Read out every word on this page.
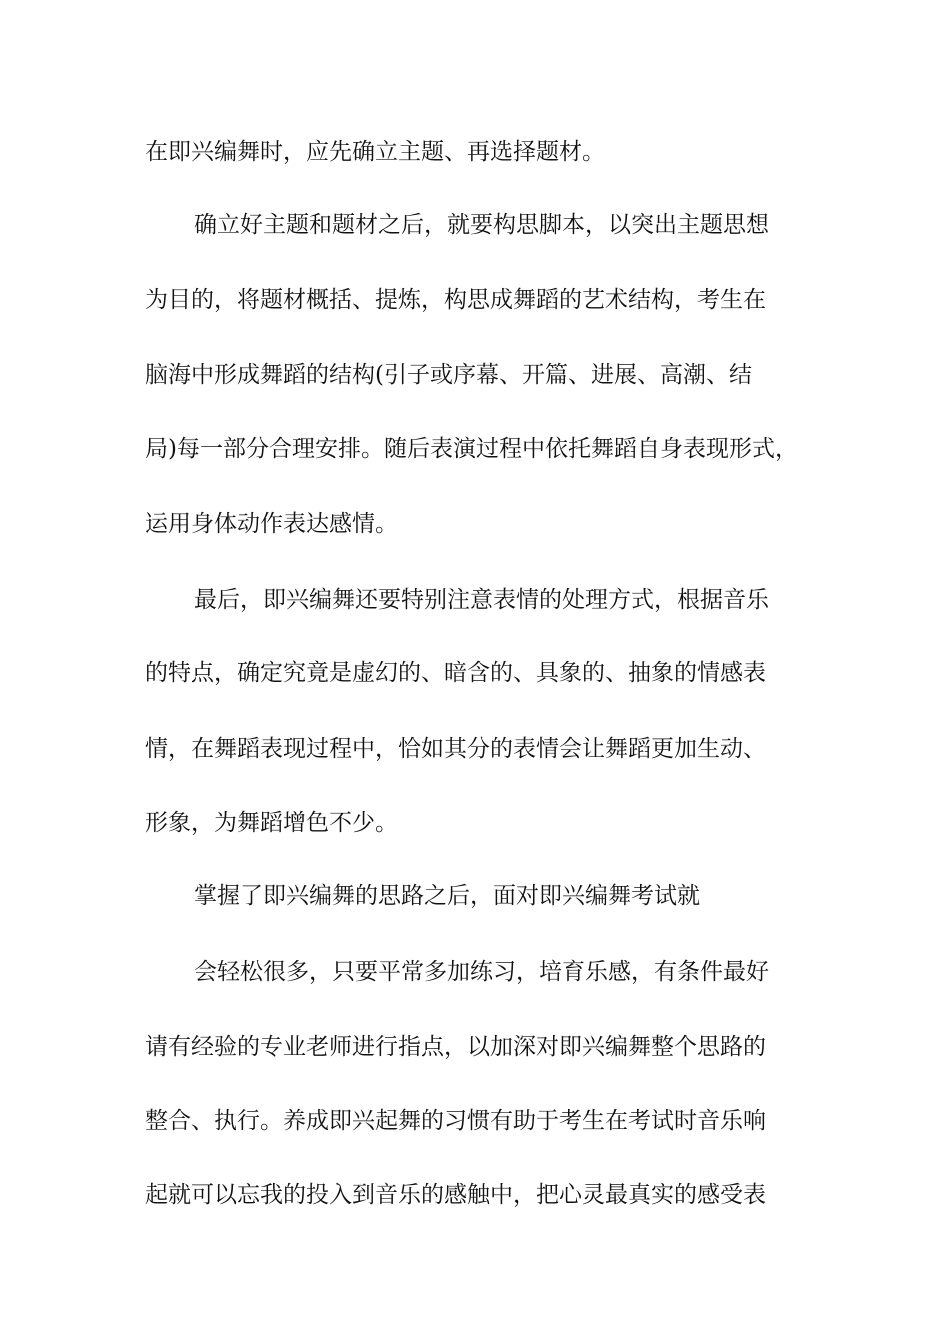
在即兴编舞时，应先确立主题、再选择题材。

确立好主题和题材之后，就要构思脚本，以突出主题思想

为目的，将题材概括、提炼，构思成舞蹈的艺术结构，考生在

脑海中形成舞蹈的结构(引子或序幕、开篇、进展、高潮、结

局)每一部分合理安排。随后表演过程中依托舞蹈自身表现形式，

运用身体动作表达感情。

最后，即兴编舞还要特别注意表情的处理方式，根据音乐

的特点，确定究竟是虚幻的、暗含的、具象的、抽象的情感表

情，在舞蹈表现过程中，恰如其分的表情会让舞蹈更加生动、

形象，为舞蹈增色不少。

掌握了即兴编舞的思路之后，面对即兴编舞考试就

会轻松很多，只要平常多加练习，培育乐感，有条件最好

请有经验的专业老师进行指点，以加深对即兴编舞整个思路的

整合、执行。养成即兴起舞的习惯有助于考生在考试时音乐响

起就可以忘我的投入到音乐的感触中，把心灵最真实的感受表
